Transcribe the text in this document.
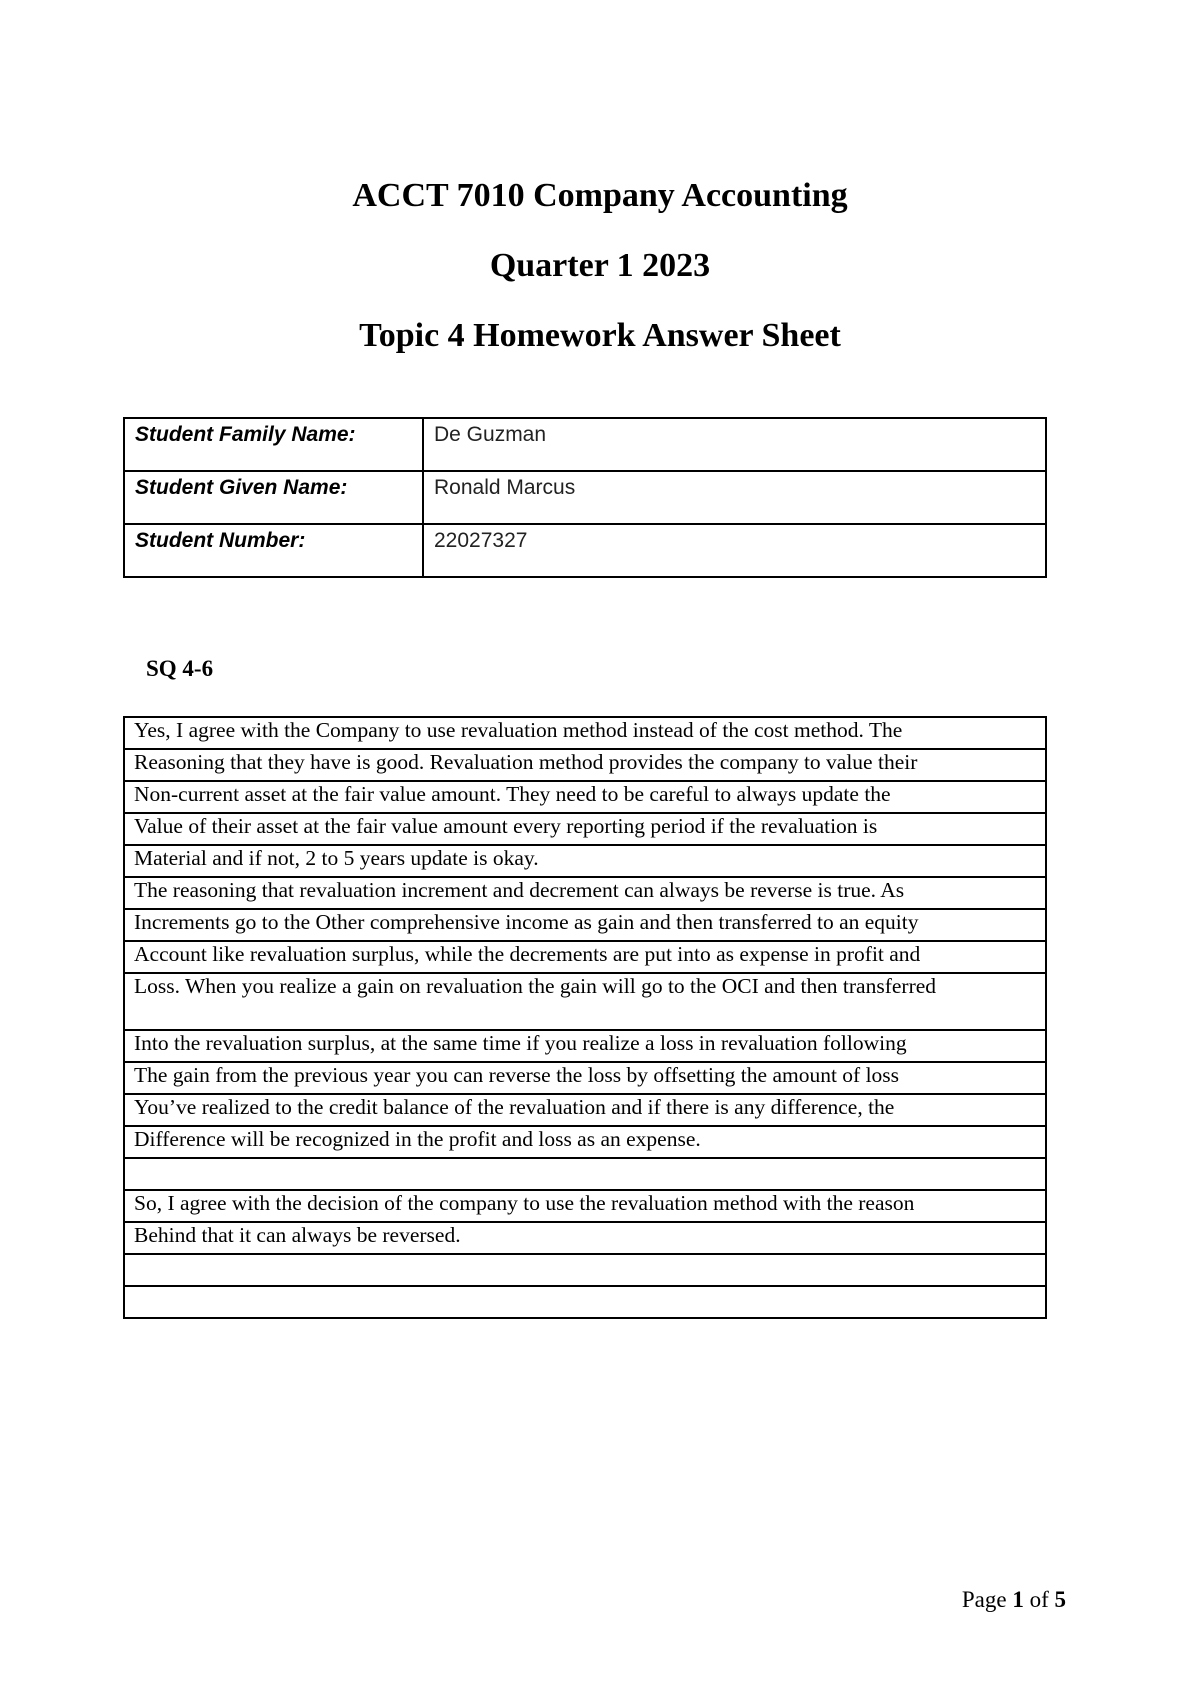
ACCT 7010 Company Accounting
Quarter 1 2023
Topic 4 Homework Answer Sheet
Student Family Name:	De Guzman
Student Given Name:	Ronald Marcus
Student Number:	22027327
SQ 4-6
Yes, I agree with the Company to use revaluation method instead of the cost method. The
Reasoning that they have is good. Revaluation method provides the company to value their
Non-current asset at the fair value amount. They need to be careful to always update the
Value of their asset at the fair value amount every reporting period if the revaluation is
Material and if not, 2 to 5 years update is okay.
The reasoning that revaluation increment and decrement can always be reverse is true. As
Increments go to the Other comprehensive income as gain and then transferred to an equity
Account like revaluation surplus, while the decrements are put into as expense in profit and
Loss. When you realize a gain on revaluation the gain will go to the OCI and then transferred
Into the revaluation surplus, at the same time if you realize a loss in revaluation following
The gain from the previous year you can reverse the loss by offsetting the amount of loss
You’ve realized to the credit balance of the revaluation and if there is any difference, the
Difference will be recognized in the profit and loss as an expense.

So, I agree with the decision of the company to use the revaluation method with the reason
Behind that it can always be reversed.

Page 1 of 5
